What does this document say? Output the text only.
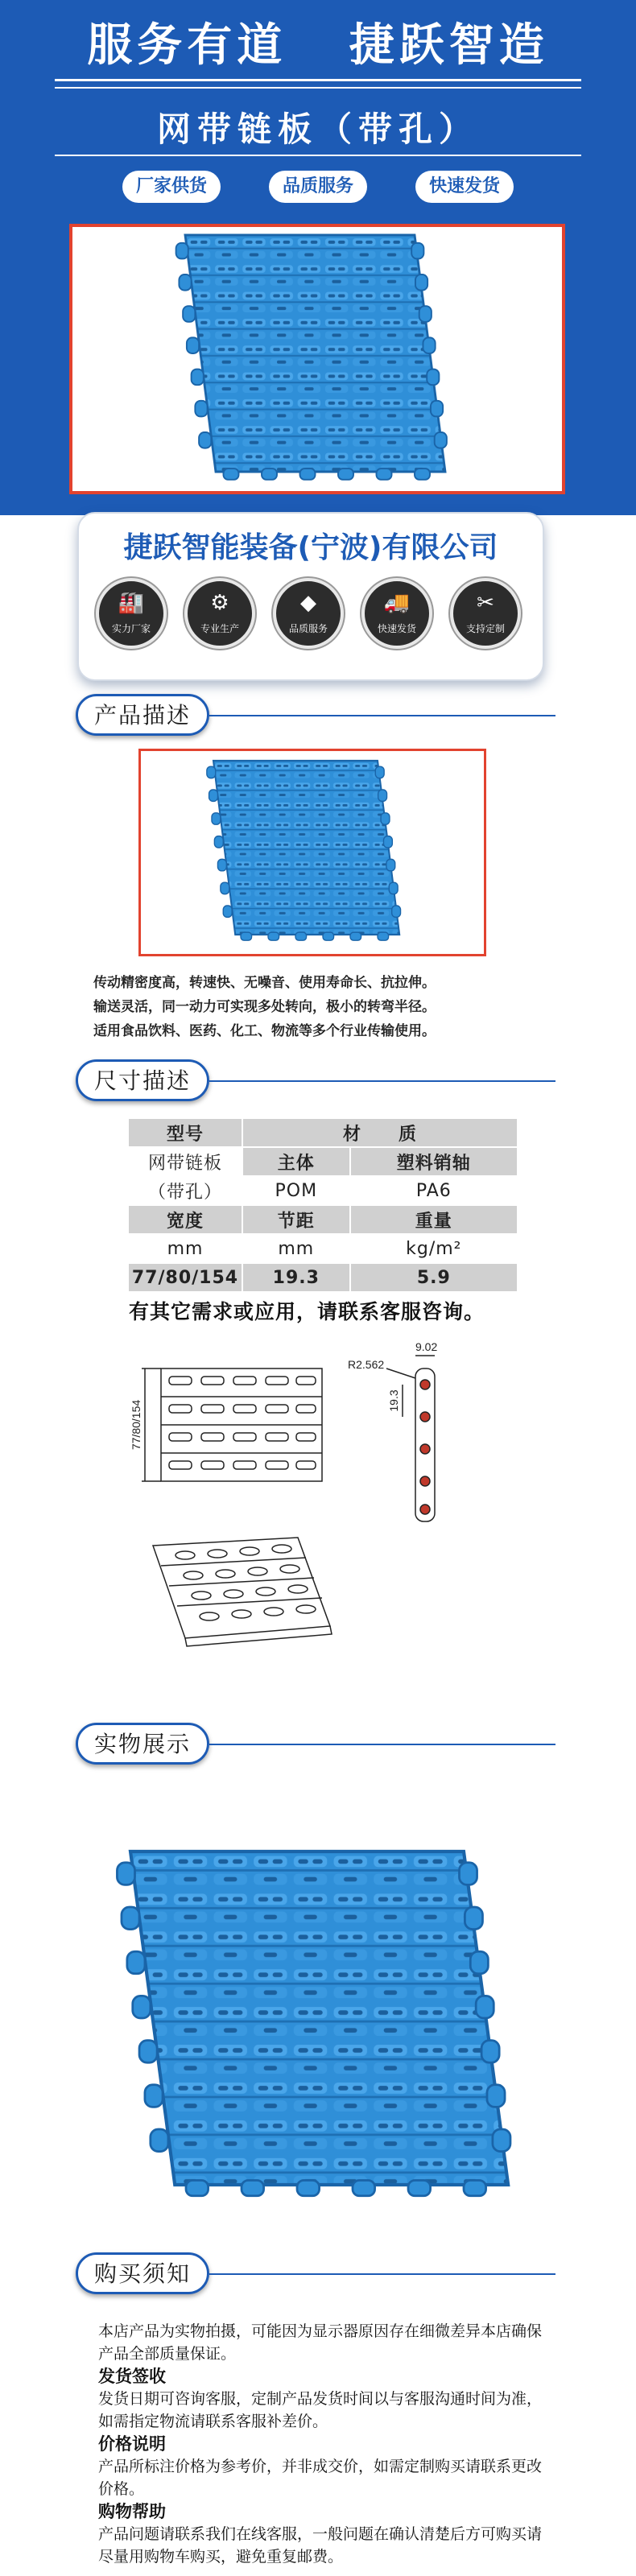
服务有道 捷跃智造
网带链板（带孔）
厂家供货	品质服务	快速发货
捷跃智能装备(宁波)有限公司
🏭
实力厂家
⚙
专业生产
◆
品质服务
🚚
快速发货
✂
支持定制
产品描述
传动精密度高，转速快、无噪音、使用寿命长、抗拉伸。
输送灵活，同一动力可实现多处转向，极小的转弯半径。
适用食品饮料、医药、化工、物流等多个行业传输使用。
尺寸描述
型号	材　　质	
网带链板	主体	塑料销轴
（带孔）	POM	PA6
宽度	节距	重量
mm	mm	kg/m²
77/80/154	19.3	5.9
有其它需求或应用，请联系客服咨询。
77/80/154
R2.562
9.02
19.3
实物展示
购买须知
本店产品为实物拍摄，可能因为显示器原因存在细微差异本店确保产品全部质量保证。
发货签收
发货日期可咨询客服，定制产品发货时间以与客服沟通时间为准，如需指定物流请联系客服补差价。
价格说明
产品所标注价格为参考价，并非成交价，如需定制购买请联系更改价格。
购物帮助
产品问题请联系我们在线客服，一般问题在确认清楚后方可购买请尽量用购物车购买，避免重复邮费。
